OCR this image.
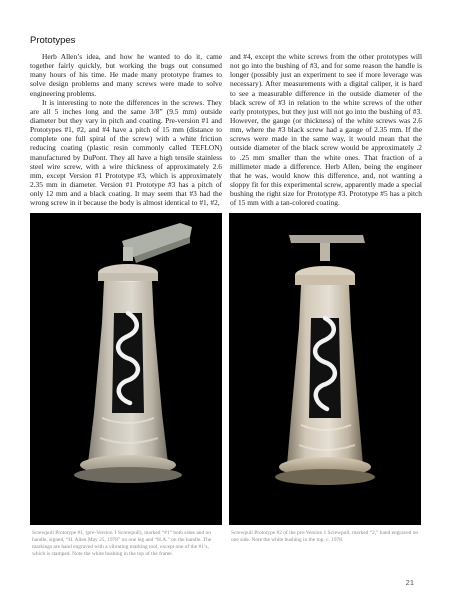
Prototypes

Herb Allen’s idea, and how he wanted to do it, came together fairly quickly, but working the bugs out consumed many hours of his time. He made many prototype frames to solve design problems and many screws were made to solve engineering problems.

It is interesting to note the differences in the screws. They are all 5 inches long and the same 3/8” (9.5 mm) outside diameter but they vary in pitch and coating. Pre-version #1 and Prototypes #1, #2, and #4 have a pitch of 15 mm (distance to complete one full spiral of the screw) with a white friction reducing coating (plastic resin commonly called TEFLON) manufactured by DuPont. They all have a high tensile stainless steel wire screw, with a wire thickness of approximately 2.6 mm, except Version #1 Prototype #3, which is approximately 2.35 mm in diameter. Version #1 Prototype #3 has a pitch of only 12 mm and a black coating. It may seem that #3 had the wrong screw in it because the body is almost identical to #1, #2,

and #4, except the white screws from the other prototypes will not go into the bushing of #3, and for some reason the handle is longer (possibly just an experiment to see if more leverage was necessary). After measurements with a digital caliper, it is hard to see a measurable difference in the outside diameter of the black screw of #3 in relation to the white screws of the other early prototypes, but they just will not go into the bushing of #3. However, the gauge (or thickness) of the white screws was 2.6 mm, where the #3 black screw had a gauge of 2.35 mm. If the screws were made in the same way, it would mean that the outside diameter of the black screw would be approximately .2 to .25 mm smaller than the white ones. That fraction of a millimeter made a difference. Herb Allen, being the engineer that he was, would know this difference, and, not wanting a sloppy fit for this experimental screw, apparently made a special bushing the right size for Prototype #3. Prototype #5 has a pitch of 15 mm with a tan-colored coating.

Screwpull Prototype #1, (pre-Version 1 Screwpull), marked “#1” both sides and on handle, signed, “H. Allen May 25, 1978” on one leg and “H.A.” on the handle. The markings are hand engraved with a vibrating marking tool, except one of the #1’s, which is stamped. Note the white bushing in the top of the frame.
Screwpull Prototype #2 of the pre-Version 1 Screwpull, marked “2,” hand engraved on one side. Note the white bushing in the top, c. 1978.
21
